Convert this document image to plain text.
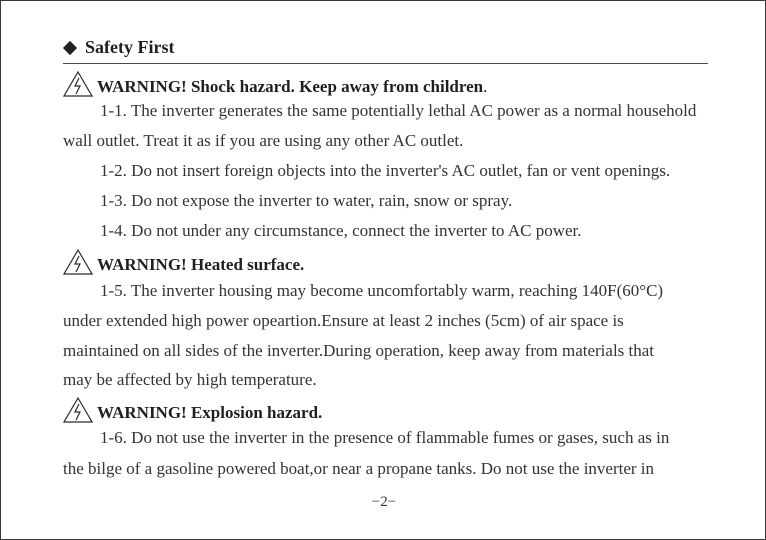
Safety First
WARNING! Shock hazard. Keep away from children .
1-1. The inverter generates the same potentially lethal AC power as a normal household
wall outlet. Treat it as if you are using any other AC outlet.
1-2. Do not insert foreign objects into the inverter's AC outlet, fan or vent openings.
1-3. Do not expose the inverter to water, rain, snow or spray.
1-4. Do not under any circumstance, connect the inverter to AC power.
WARNING! Heated surface.
1-5. The inverter housing may become uncomfortably warm, reaching 140F(60°C)
under extended high power opeartion.Ensure at least 2 inches (5cm) of air space is
maintained on all sides of the inverter.During operation, keep away from materials that
may be affected by high temperature.
WARNING! Explosion hazard.
1-6. Do not use the inverter in the presence of flammable fumes or gases, such as in
the bilge of a gasoline powered boat,or near a propane tanks. Do not use the inverter in
−2−
